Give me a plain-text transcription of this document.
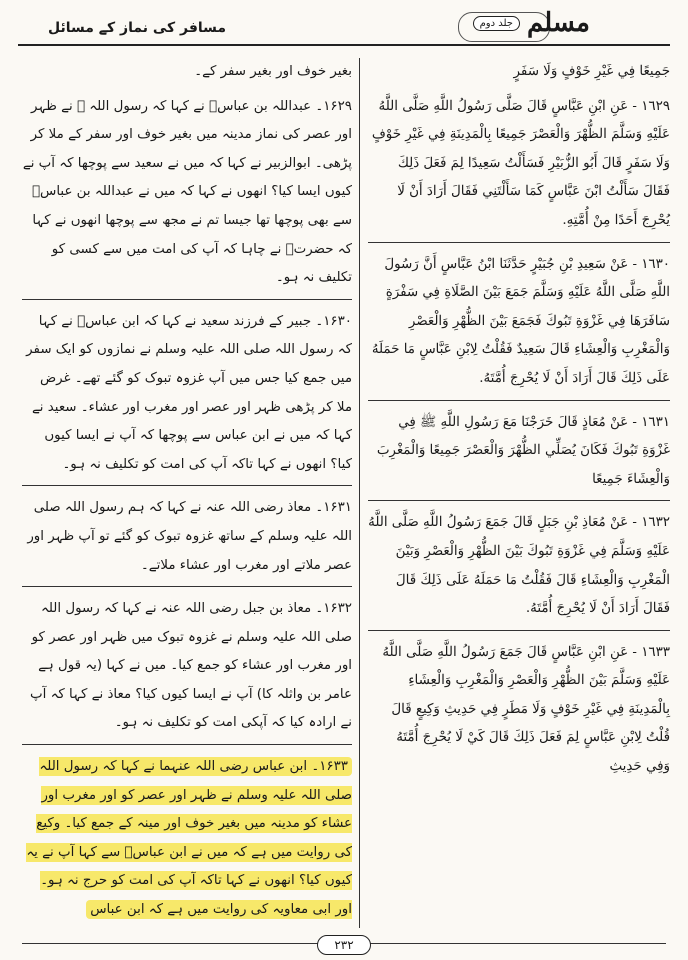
مسافر کی نماز کے مسائل	جلد دوم مسلم

بغیر خوف اور بغیر سفر کے۔

۱۶۲۹۔ عبداللہ بن عباسؓ نے کہا کہ رسول اللہ ﷺ نے ظہر اور عصر کی نماز مدینہ میں بغیر خوف اور سفر کے ملا کر پڑھی۔ ابوالزبیر نے کہا کہ میں نے سعید سے پوچھا کہ آپ نے کیوں ایسا کیا؟ انھوں نے کہا کہ میں نے عبداللہ بن عباسؓ سے بھی پوچھا تھا جیسا تم نے مجھ سے پوچھا انھوں نے کہا کہ حضرتؐ نے چاہا کہ آپ کی امت میں سے کسی کو تکلیف نہ ہو۔

۱۶۳۰۔ جبیر کے فرزند سعید نے کہا کہ ابن عباسؓ نے کہا کہ رسول اللہ صلی اللہ علیہ وسلم نے نمازوں کو ایک سفر میں جمع کیا جس میں آپ غزوہ تبوک کو گئے تھے۔ غرض ملا کر پڑھی ظہر اور عصر اور مغرب اور عشاء۔ سعید نے کہا کہ میں نے ابن عباس سے پوچھا کہ آپ نے ایسا کیوں کیا؟ انھوں نے کہا تاکہ آپ کی امت کو تکلیف نہ ہو۔

۱۶۳۱۔ معاذ رضی اللہ عنہ نے کہا کہ ہم رسول اللہ صلی اللہ علیہ وسلم کے ساتھ غزوہ تبوک کو گئے تو آپ ظہر اور عصر ملاتے اور مغرب اور عشاء ملاتے۔

۱۶۳۲۔ معاذ بن جبل رضی اللہ عنہ نے کہا کہ رسول اللہ صلی اللہ علیہ وسلم نے غزوہ تبوک میں ظہر اور عصر کو اور مغرب اور عشاء کو جمع کیا۔ میں نے کہا (یہ قول ہے عامر بن واثلہ کا) آپ نے ایسا کیوں کیا؟ معاذ نے کہا کہ آپ نے ارادہ کیا کہ آپکی امت کو تکلیف نہ ہو۔

۱۶۳۳۔ ابن عباس رضی اللہ عنہما نے کہا کہ رسول اللہ صلی اللہ علیہ وسلم نے ظہر اور عصر کو اور مغرب اور عشاء کو مدینہ میں بغیر خوف اور مینہ کے جمع کیا۔ وکیع کی روایت میں ہے کہ میں نے ابن عباسؓ سے کہا آپ نے یہ کیوں کیا؟ انھوں نے کہا تاکہ آپ کی امت کو حرج نہ ہو۔ اور ابی معاویہ کی روایت میں ہے کہ ابن عباس

جَمِيعًا فِي غَيْرِ خَوْفٍ وَلَا سَفَرٍ

١٦٢٩ - عَنِ ابْنِ عَبَّاسٍ قَالَ صَلَّى رَسُولُ اللَّهِ صَلَّى اللَّهُ عَلَيْهِ وَسَلَّمَ الظُّهْرَ وَالْعَصْرَ جَمِيعًا بِالْمَدِينَةِ فِي غَيْرِ خَوْفٍ وَلَا سَفَرٍ قَالَ أَبُو الزُّبَيْرِ فَسَأَلْتُ سَعِيدًا لِمَ فَعَلَ ذَلِكَ فَقَالَ سَأَلْتُ ابْنَ عَبَّاسٍ كَمَا سَأَلْتَنِي فَقَالَ أَرَادَ أَنْ لَا يُحْرِجَ أَحَدًا مِنْ أُمَّتِهِ.

١٦٣٠ - عَنْ سَعِيدِ بْنِ جُبَيْرٍ حَدَّثَنَا ابْنُ عَبَّاسٍ أَنَّ رَسُولَ اللَّهِ صَلَّى اللَّهُ عَلَيْهِ وَسَلَّمَ جَمَعَ بَيْنَ الصَّلَاةِ فِي سَفْرَةٍ سَافَرَهَا فِي غَزْوَةِ تَبُوكَ فَجَمَعَ بَيْنَ الظُّهْرِ وَالْعَصْرِ وَالْمَغْرِبِ وَالْعِشَاءِ قَالَ سَعِيدٌ فَقُلْتُ لِابْنِ عَبَّاسٍ مَا حَمَلَهُ عَلَى ذَلِكَ قَالَ أَرَادَ أَنْ لَا يُحْرِجَ أُمَّتَهُ.

١٦٣١ - عَنْ مُعَاذٍ قَالَ خَرَجْنَا مَعَ رَسُولِ اللَّهِ ﷺ فِي غَزْوَةِ تَبُوكَ فَكَانَ يُصَلِّي الظُّهْرَ وَالْعَصْرَ جَمِيعًا وَالْمَغْرِبَ وَالْعِشَاءَ جَمِيعًا

١٦٣٢ - عَنْ مُعَاذِ بْنِ جَبَلٍ قَالَ جَمَعَ رَسُولُ اللَّهِ صَلَّى اللَّهُ عَلَيْهِ وَسَلَّمَ فِي غَزْوَةِ تَبُوكَ بَيْنَ الظُّهْرِ وَالْعَصْرِ وَبَيْنَ الْمَغْرِبِ وَالْعِشَاءِ قَالَ فَقُلْتُ مَا حَمَلَهُ عَلَى ذَلِكَ قَالَ فَقَالَ أَرَادَ أَنْ لَا يُحْرِجَ أُمَّتَهُ.

١٦٣٣ - عَنِ ابْنِ عَبَّاسٍ قَالَ جَمَعَ رَسُولُ اللَّهِ صَلَّى اللَّهُ عَلَيْهِ وَسَلَّمَ بَيْنَ الظُّهْرِ وَالْعَصْرِ وَالْمَغْرِبِ وَالْعِشَاءِ بِالْمَدِينَةِ فِي غَيْرِ خَوْفٍ وَلَا مَطَرٍ فِي حَدِيثِ وَكِيعٍ قَالَ قُلْتُ لِابْنِ عَبَّاسٍ لِمَ فَعَلَ ذَلِكَ قَالَ كَيْ لَا يُحْرِجَ أُمَّتَهُ وَفِي حَدِيثِ

۲۳۲
